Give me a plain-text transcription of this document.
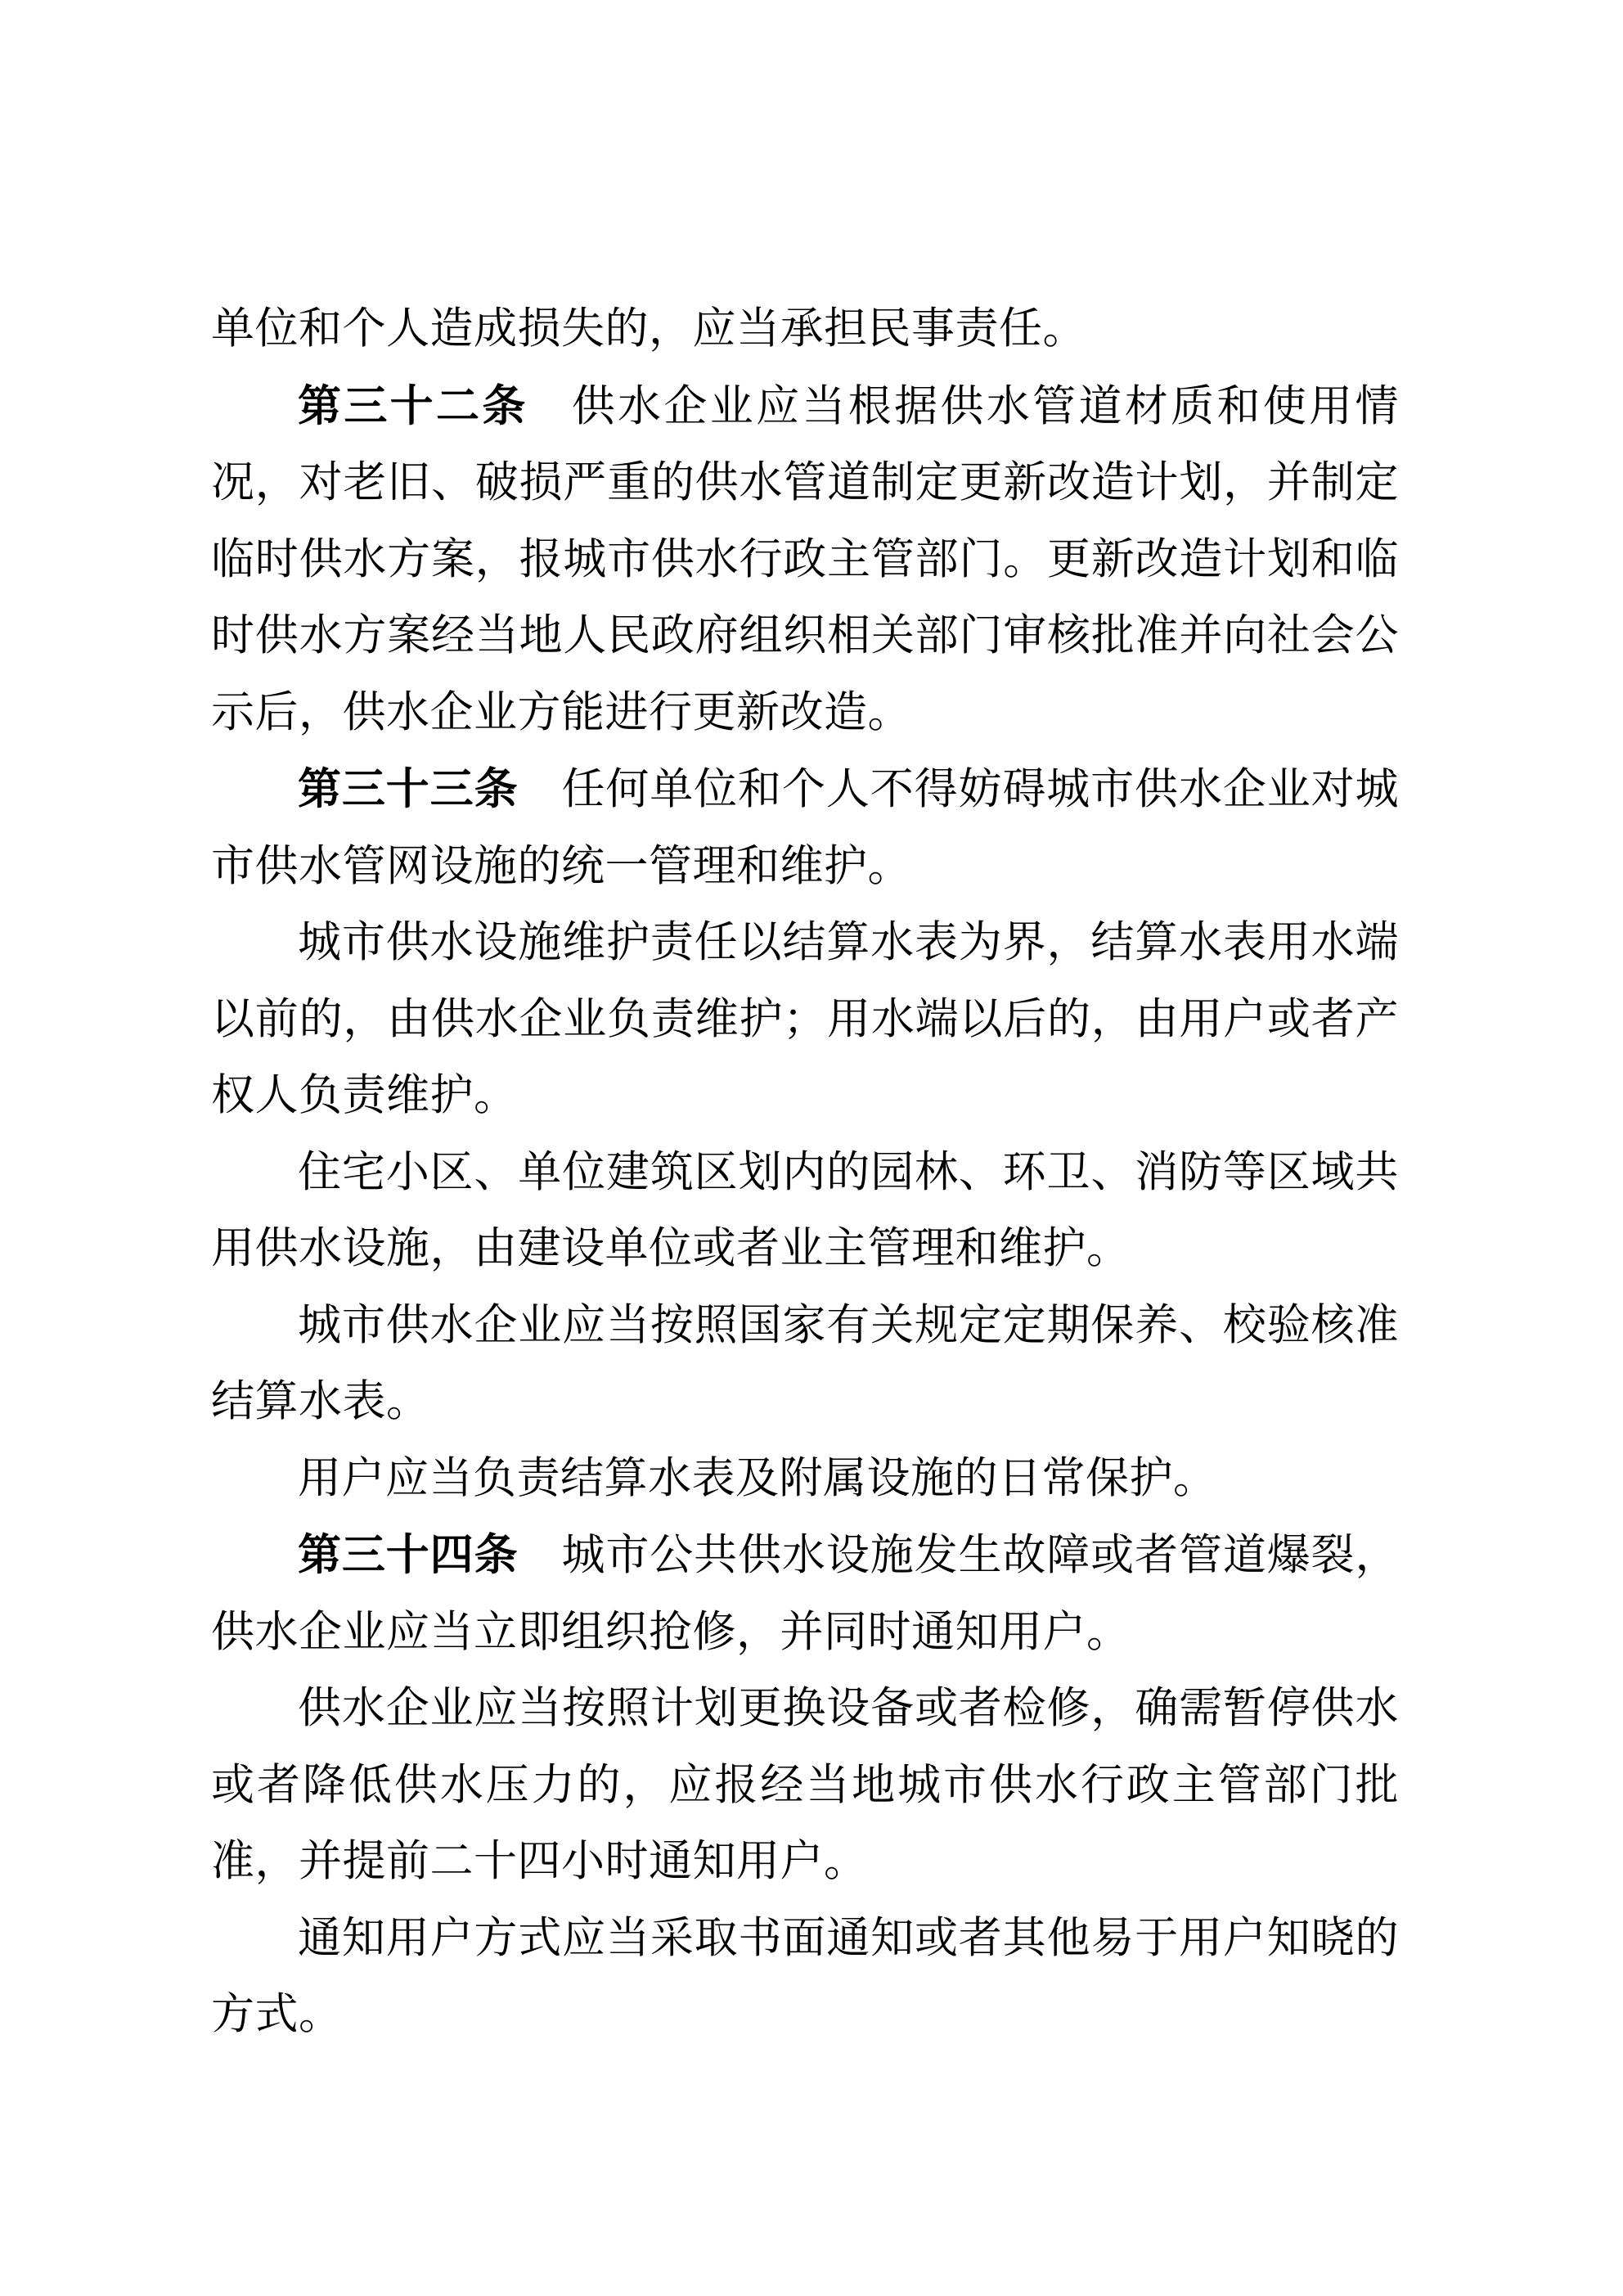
单位和个人造成损失的，应当承担民事责任。

第三十二条 供水企业应当根据供水管道材质和使用情况，对老旧、破损严重的供水管道制定更新改造计划，并制定临时供水方案，报城市供水行政主管部门。更新改造计划和临时供水方案经当地人民政府组织相关部门审核批准并向社会公示后，供水企业方能进行更新改造。

第三十三条 任何单位和个人不得妨碍城市供水企业对城市供水管网设施的统一管理和维护。

城市供水设施维护责任以结算水表为界，结算水表用水端以前的，由供水企业负责维护；用水端以后的，由用户或者产权人负责维护。

住宅小区、单位建筑区划内的园林、环卫、消防等区域共用供水设施，由建设单位或者业主管理和维护。

城市供水企业应当按照国家有关规定定期保养、校验核准结算水表。

用户应当负责结算水表及附属设施的日常保护。

第三十四条 城市公共供水设施发生故障或者管道爆裂，供水企业应当立即组织抢修，并同时通知用户。

供水企业应当按照计划更换设备或者检修，确需暂停供水或者降低供水压力的，应报经当地城市供水行政主管部门批准，并提前二十四小时通知用户。

通知用户方式应当采取书面通知或者其他易于用户知晓的方式。
